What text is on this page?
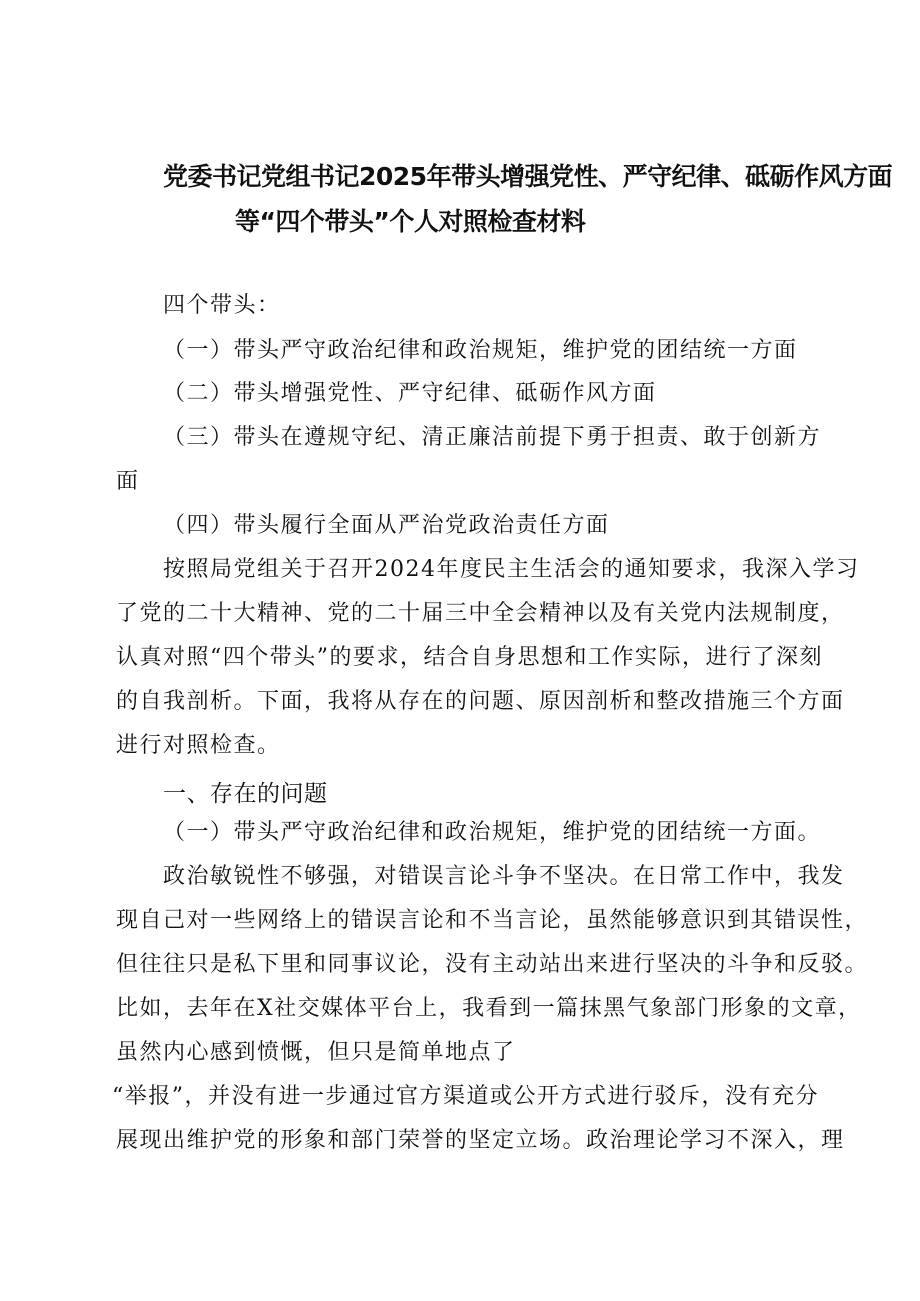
党委书记党组书记2025年带头增强党性、严守纪律、砥砺作风方面
等“四个带头”个人对照检查材料
四个带头：
（一）带头严守政治纪律和政治规矩，维护党的团结统一方面
（二）带头增强党性、严守纪律、砥砺作风方面
（三）带头在遵规守纪、清正廉洁前提下勇于担责、敢于创新方
面
（四）带头履行全面从严治党政治责任方面
按照局党组关于召开2024年度民主生活会的通知要求，我深入学习
了党的二十大精神、党的二十届三中全会精神以及有关党内法规制度，
认真对照“四个带头”的要求，结合自身思想和工作实际，进行了深刻
的自我剖析。下面，我将从存在的问题、原因剖析和整改措施三个方面
进行对照检查。
一、存在的问题
（一）带头严守政治纪律和政治规矩，维护党的团结统一方面。
政治敏锐性不够强，对错误言论斗争不坚决。在日常工作中，我发
现自己对一些网络上的错误言论和不当言论，虽然能够意识到其错误性，
但往往只是私下里和同事议论，没有主动站出来进行坚决的斗争和反驳。
比如，去年在X社交媒体平台上，我看到一篇抹黑气象部门形象的文章，
虽然内心感到愤慨，但只是简单地点了
“举报”，并没有进一步通过官方渠道或公开方式进行驳斥，没有充分
展现出维护党的形象和部门荣誉的坚定立场。政治理论学习不深入，理
